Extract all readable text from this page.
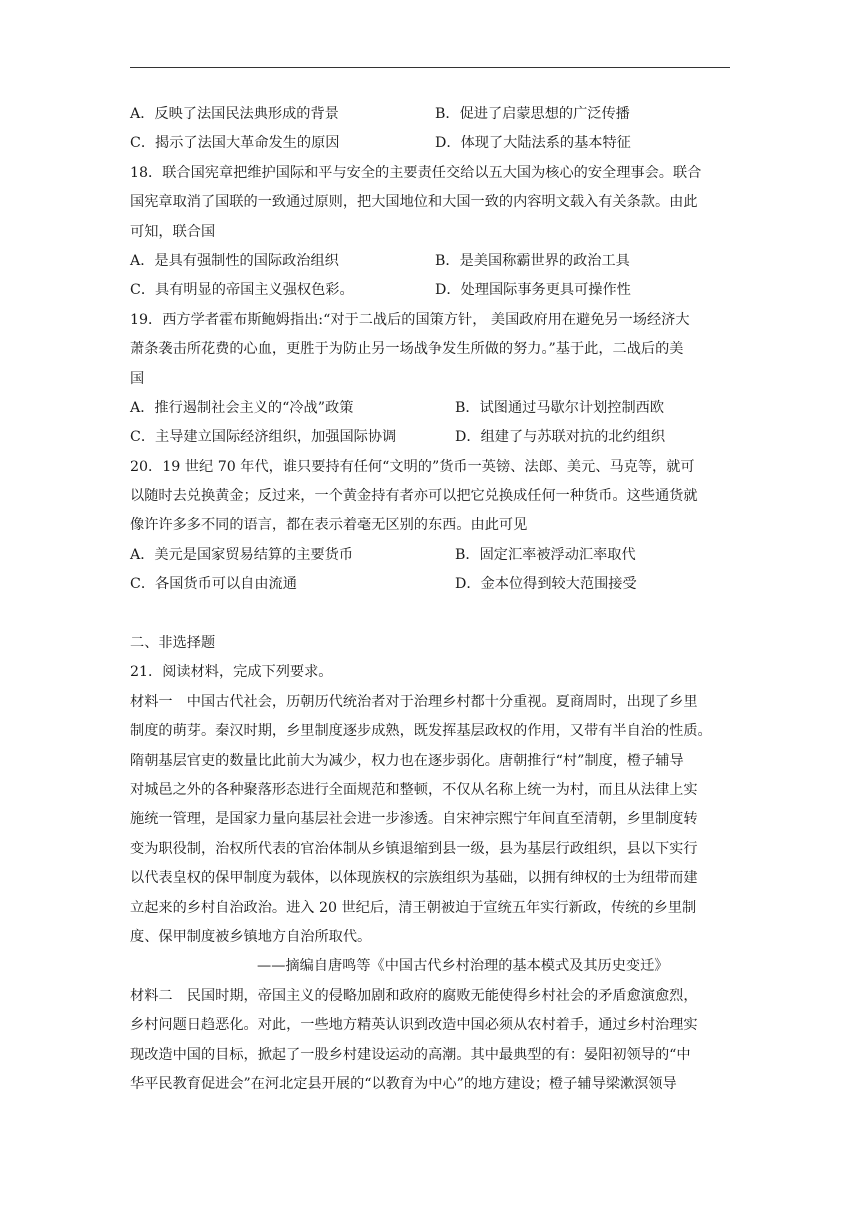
A．反映了法国民法典形成的背景	B．促进了启蒙思想的广泛传播
C．揭示了法国大革命发生的原因	D．体现了大陆法系的基本特征
18．联合国宪章把维护国际和平与安全的主要责任交给以五大国为核心的安全理事会。联合
国宪章取消了国联的一致通过原则，把大国地位和大国一致的内容明文载入有关条款。由此
可知，联合国
A．是具有强制性的国际政治组织	B．是美国称霸世界的政治工具
C．具有明显的帝国主义强权色彩。	D．处理国际事务更具可操作性
19．西方学者霍布斯鲍姆指出:“对于二战后的国策方针， 美国政府用在避免另一场经济大
萧条袭击所花费的心血，更胜于为防止另一场战争发生所做的努力。”基于此，二战后的美
国
A．推行遏制社会主义的“冷战”政策	B．试图通过马歇尔计划控制西欧
C．主导建立国际经济组织，加强国际协调	D．组建了与苏联对抗的北约组织
20．19 世纪 70 年代，谁只要持有任何“文明的”货币一英镑、法郎、美元、马克等，就可
以随时去兑换黄金；反过来，一个黄金持有者亦可以把它兑换成任何一种货币。这些通货就
像许许多多不同的语言，都在表示着毫无区别的东西。由此可见
A．美元是国家贸易结算的主要货币	B．固定汇率被浮动汇率取代
C．各国货币可以自由流通	D．金本位得到较大范围接受
二、非选择题
21．阅读材料，完成下列要求。
材料一　中国古代社会，历朝历代统治者对于治理乡村都十分重视。夏商周时，出现了乡里
制度的萌芽。秦汉时期，乡里制度逐步成熟，既发挥基层政权的作用，又带有半自治的性质。
隋朝基层官吏的数量比此前大为减少，权力也在逐步弱化。唐朝推行“村”制度，橙子辅导
对城邑之外的各种聚落形态进行全面规范和整顿，不仅从名称上统一为村，而且从法律上实
施统一管理，是国家力量向基层社会进一步渗透。自宋神宗熙宁年间直至清朝，乡里制度转
变为职役制，治权所代表的官治体制从乡镇退缩到县一级，县为基层行政组织，县以下实行
以代表皇权的保甲制度为载体，以体现族权的宗族组织为基础，以拥有绅权的士为纽带而建
立起来的乡村自治政治。进入 20 世纪后，清王朝被迫于宣统五年实行新政，传统的乡里制
度、保甲制度被乡镇地方自治所取代。
——摘编自唐鸣等《中国古代乡村治理的基本模式及其历史变迁》
材料二　民国时期，帝国主义的侵略加剧和政府的腐败无能使得乡村社会的矛盾愈演愈烈，
乡村问题日趋恶化。对此，一些地方精英认识到改造中国必须从农村着手，通过乡村治理实
现改造中国的目标，掀起了一股乡村建设运动的高潮。其中最典型的有：晏阳初领导的“中
华平民教育促进会”在河北定县开展的“以教育为中心”的地方建设；橙子辅导梁漱溟领导
